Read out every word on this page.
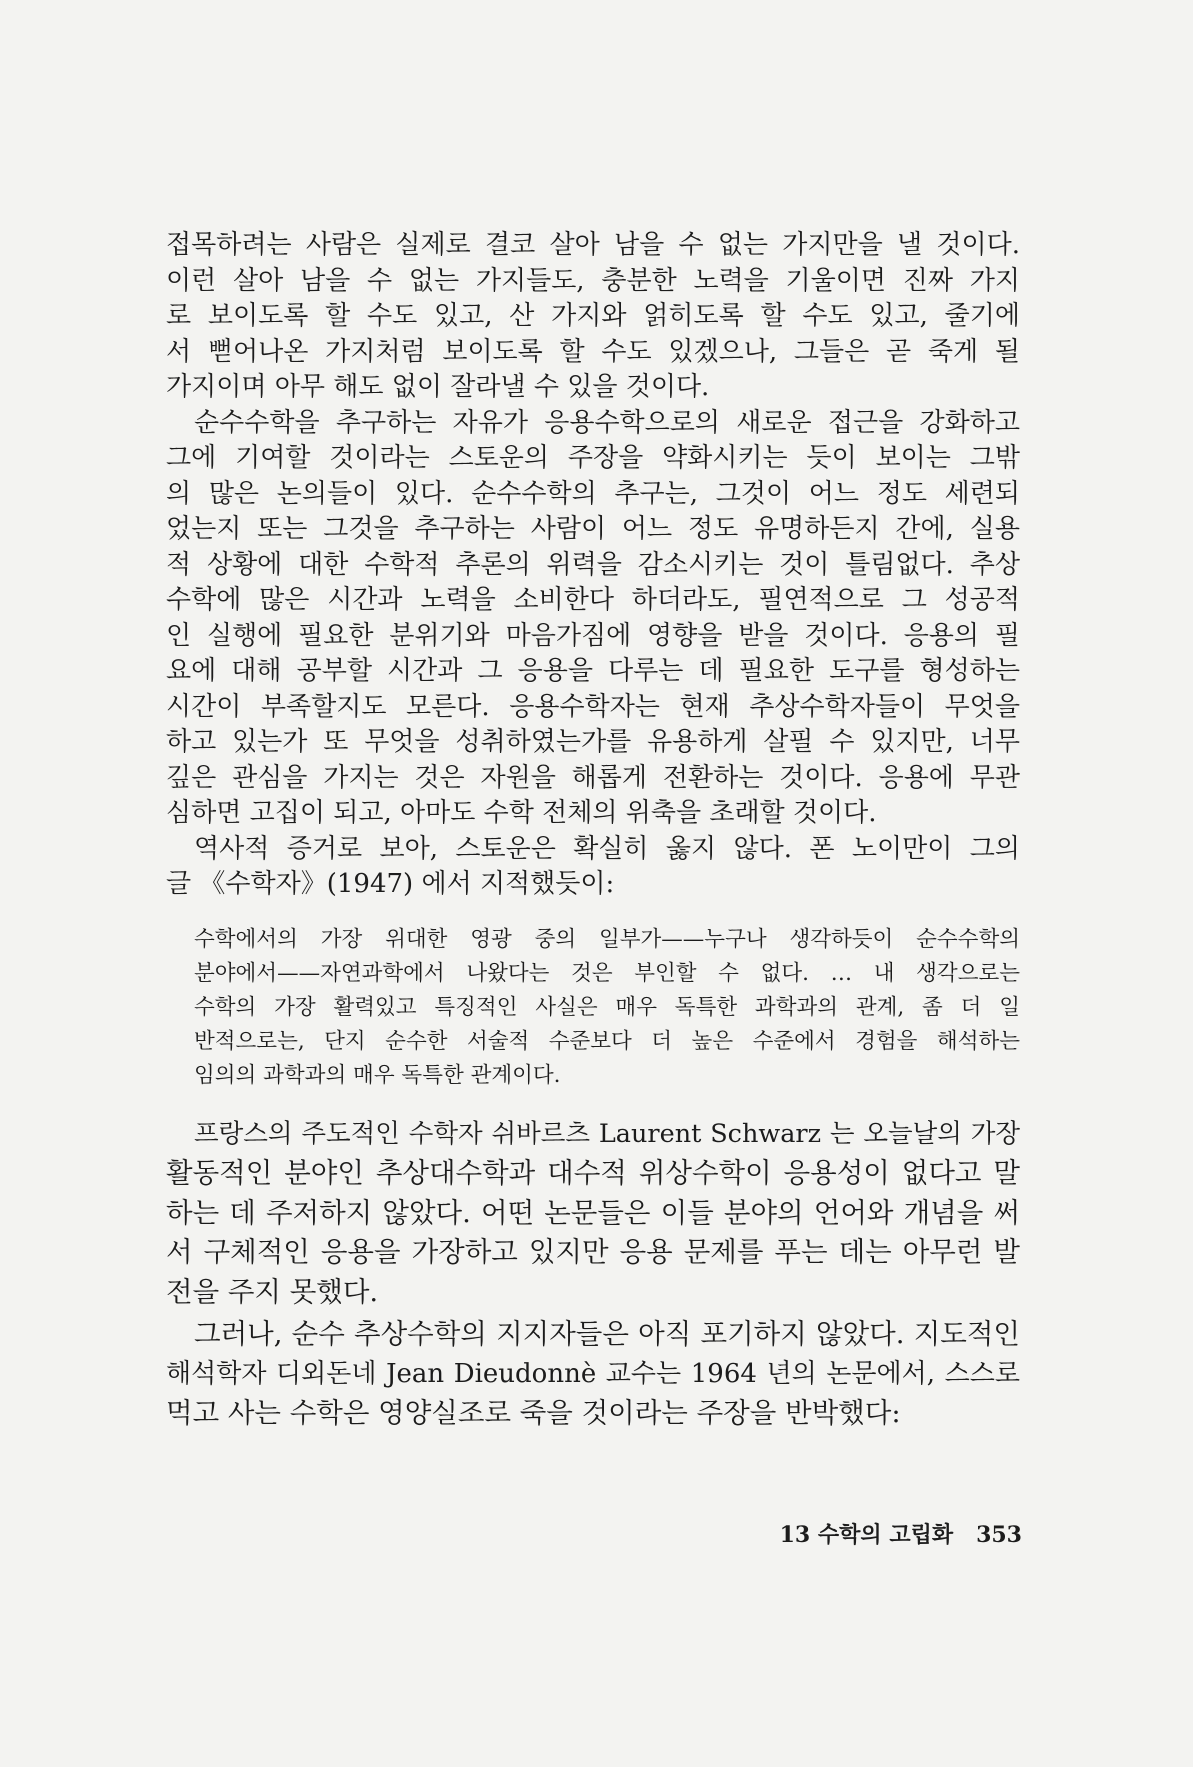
접목하려는 사람은 실제로 결코 살아 남을 수 없는 가지만을 낼 것이다.
이런 살아 남을 수 없는 가지들도, 충분한 노력을 기울이면 진짜 가지
로 보이도록 할 수도 있고, 산 가지와 얽히도록 할 수도 있고, 줄기에
서 뻗어나온 가지처럼 보이도록 할 수도 있겠으나, 그들은 곧 죽게 될
가지이며 아무 해도 없이 잘라낼 수 있을 것이다.
순수수학을 추구하는 자유가 응용수학으로의 새로운 접근을 강화하고
그에 기여할 것이라는 스토운의 주장을 약화시키는 듯이 보이는 그밖
의 많은 논의들이 있다. 순수수학의 추구는, 그것이 어느 정도 세련되
었는지 또는 그것을 추구하는 사람이 어느 정도 유명하든지 간에, 실용
적 상황에 대한 수학적 추론의 위력을 감소시키는 것이 틀림없다. 추상
수학에 많은 시간과 노력을 소비한다 하더라도, 필연적으로 그 성공적
인 실행에 필요한 분위기와 마음가짐에 영향을 받을 것이다. 응용의 필
요에 대해 공부할 시간과 그 응용을 다루는 데 필요한 도구를 형성하는
시간이 부족할지도 모른다. 응용수학자는 현재 추상수학자들이 무엇을
하고 있는가 또 무엇을 성취하였는가를 유용하게 살필 수 있지만, 너무
깊은 관심을 가지는 것은 자원을 해롭게 전환하는 것이다. 응용에 무관
심하면 고집이 되고, 아마도 수학 전체의 위축을 초래할 것이다.
역사적 증거로 보아, 스토운은 확실히 옳지 않다. 폰 노이만이 그의
글 《수학자》(1947) 에서 지적했듯이:
수학에서의 가장 위대한 영광 중의 일부가——누구나 생각하듯이 순수수학의
분야에서——자연과학에서 나왔다는 것은 부인할 수 없다. … 내 생각으로는
수학의 가장 활력있고 특징적인 사실은 매우 독특한 과학과의 관계, 좀 더 일
반적으로는, 단지 순수한 서술적 수준보다 더 높은 수준에서 경험을 해석하는
임의의 과학과의 매우 독특한 관계이다.
프랑스의 주도적인 수학자 쉬바르츠 Laurent Schwarz 는 오늘날의 가장
활동적인 분야인 추상대수학과 대수적 위상수학이 응용성이 없다고 말
하는 데 주저하지 않았다. 어떤 논문들은 이들 분야의 언어와 개념을 써
서 구체적인 응용을 가장하고 있지만 응용 문제를 푸는 데는 아무런 발
전을 주지 못했다.
그러나, 순수 추상수학의 지지자들은 아직 포기하지 않았다. 지도적인
해석학자 디외돈네 Jean Dieudonnè 교수는 1964 년의 논문에서, 스스로
먹고 사는 수학은 영양실조로 죽을 것이라는 주장을 반박했다:
13 수학의 고립화 353
